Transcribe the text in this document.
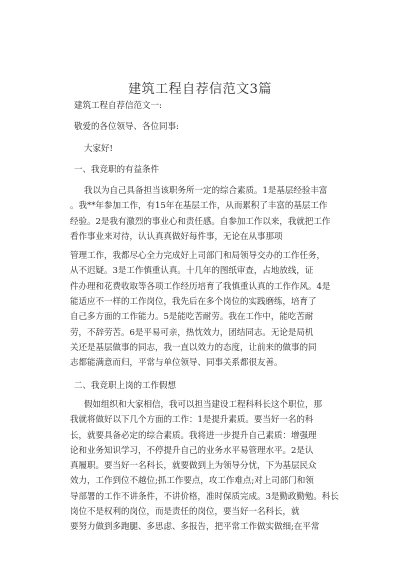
建筑工程自荐信范文3篇
建筑工程自荐信范文一:
敬爱的各位领导、各位同事:
大家好!
一、我竞职的有益条件
我以为自己具备担当该职务所一定的综合素质。1是基层经验丰富
。我**年参加工作，有15年在基层工作，从而累积了丰富的基层工作
经验。2是我有激烈的事业心和责任感。自参加工作以来，我就把工作
看作事业来对待，认认真真做好每件事，无论在从事那项
管理工作，我都尽心全力完成好上司部门和局领导交办的工作任务，
从不迟疑。3是工作慎重认真。十几年的图纸审查，占地放线，证
件办理和花费收取等各项工作经历培育了我慎重认真的工作作风。4是
能适应不一样的工作岗位，我先后在多个岗位的实践磨练，培育了
自己多方面的工作能力。5是能吃苦耐劳。我在工作中，能吃苦耐
劳，不辞劳苦。6是平易可亲，热忱效力，团结同志。无论是局机
关还是基层做事的同志，我一直以效力的态度，让前来的做事的同
志都能满意而归，平常与单位领导、同事关系都很友善。
二、我竞职上岗的工作假想
假如组织和大家相信，我可以担当建设工程科科长这个职位，那
我就将做好以下几个方面的工作：1是提升素质。要当好一名的科
长，就要具备必定的综合素质。我将进一步提升自己素质：增强理
论和业务知识学习，不停提升自己的业务水平易管理水平。2是认
真履职。要当好一名科长，就要做到上为领导分忧，下为基层民众
效力，工作到位不越位;抓工作要点，攻工作难点;对上司部门和领
导部署的工作不讲条件，不讲价格，准时保质完成。3是勤政勤勉。科长
岗位不是权利的岗位，而是责任的岗位，要当好一名科长，就
要努力做到多跑腿、多思虑、多报告，把平常工作做实做细;在平常
